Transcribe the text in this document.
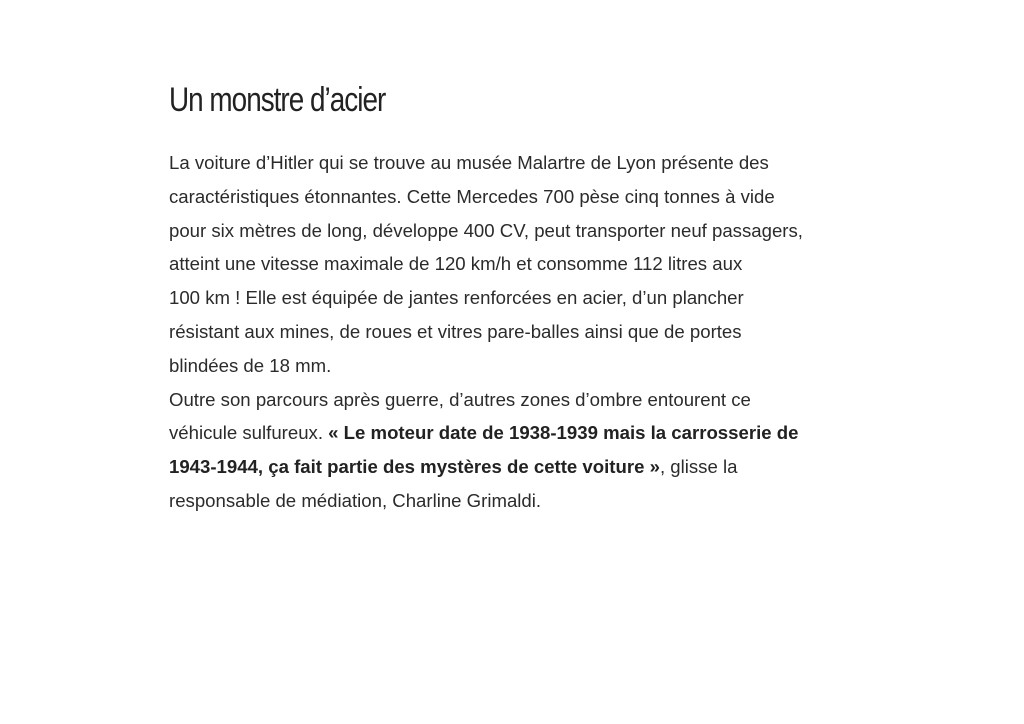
Un monstre d’acier

La voiture d’Hitler qui se trouve au musée Malartre de Lyon présente des
caractéristiques étonnantes. Cette Mercedes 700 pèse cinq tonnes à vide
pour six mètres de long, développe 400 CV, peut transporter neuf passagers,
atteint une vitesse maximale de 120 km/h et consomme 112 litres aux
100 km ! Elle est équipée de jantes renforcées en acier, d’un plancher
résistant aux mines, de roues et vitres pare-balles ainsi que de portes
blindées de 18 mm.

Outre son parcours après guerre, d’autres zones d’ombre entourent ce
véhicule sulfureux. « Le moteur date de 1938-1939 mais la carrosserie de
1943-1944, ça fait partie des mystères de cette voiture », glisse la
responsable de médiation, Charline Grimaldi.
